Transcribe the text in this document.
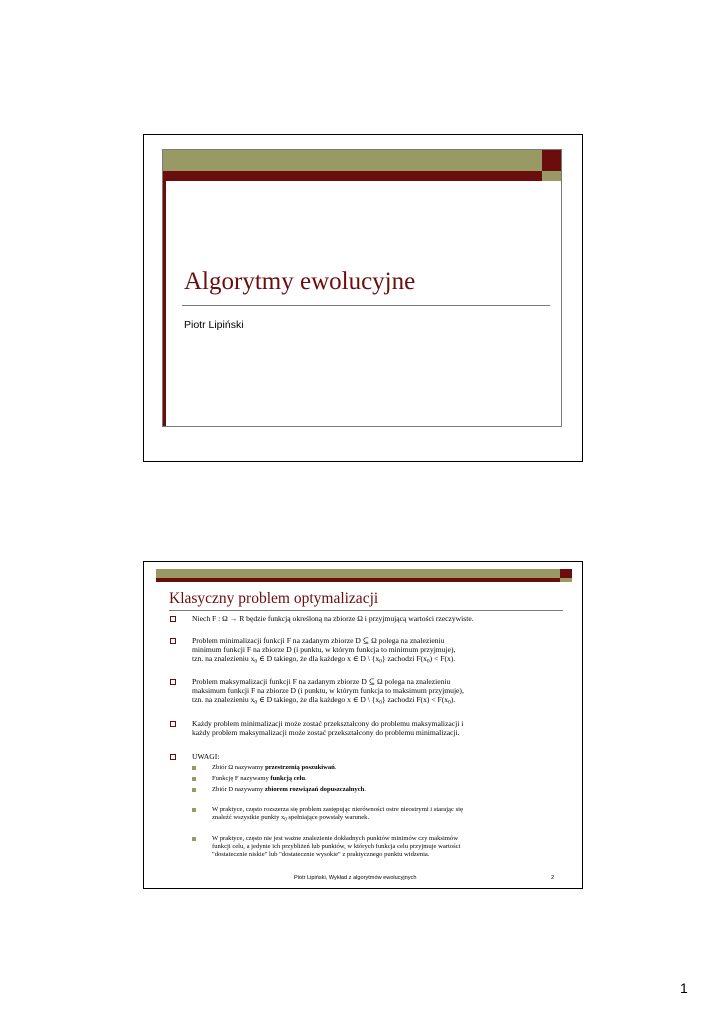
Algorytmy ewolucyjne
Piotr Lipiński
Klasyczny problem optymalizacji
Niech F : Ω → R będzie funkcją określoną na zbiorze Ω i przyjmującą wartości rzeczywiste.
Problem minimalizacji funkcji F na zadanym zbiorze D ⊆ Ω polega na znalezieniu
minimum funkcji F na zbiorze D (i punktu, w którym funkcja to minimum przyjmuje),
tzn. na znalezieniu $x_0$ ∈ D takiego, że dla każdego x ∈ D \ $\{x_0\}$ zachodzi $F(x_0) < F(x)$.
Problem maksymalizacji funkcji F na zadanym zbiorze D ⊆ Ω polega na znalezieniu
maksimum funkcji F na zbiorze D (i punktu, w którym funkcja to maksimum przyjmuje),
tzn. na znalezieniu $x_0$ ∈ D takiego, że dla każdego x ∈ D \ $\{x_0\}$ zachodzi $F(x) < F(x_0)$.
Każdy problem minimalizacji może zostać przekształcony do problemu maksymalizacji i
każdy problem maksymalizacji może zostać przekształcony do problemu minimalizacji.
UWAGI:
Zbiór Ω nazywamy przestrzenią poszukiwań.
Funkcję F nazywamy funkcją celu.
Zbiór D nazywamy zbiorem rozwiązań dopuszczalnych.
W praktyce, często rozszerza się problem zastępując nierówności ostre nieostrymi i starając się
znaleźć wszystkie punkty $x_0$ spełniające powstały warunek.
W praktyce, często nie jest ważne znalezienie dokładnych punktów minimów czy maksimów
funkcji celu, a jedynie ich przybliżeń lub punktów, w których funkcja celu przyjmuje wartości
"dostatecznie niskie" lub "dostatecznie wysokie" z praktycznego punktu widzenia.
Piotr Lipiński, Wykład z algorytmów ewolucyjnych	2
1
